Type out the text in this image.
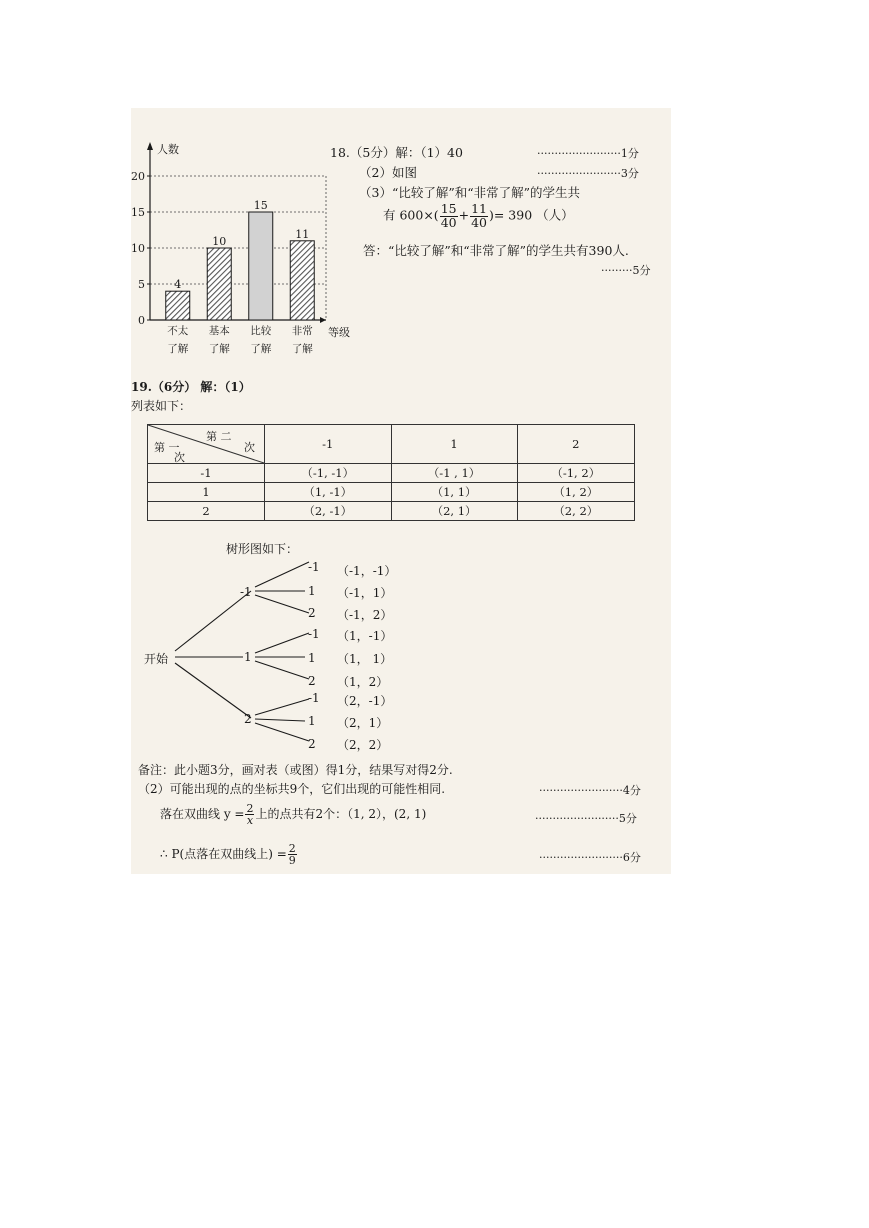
0
5
10
15
20
人数
等级
4
不太
了解
10
基本
了解
15
比较
了解
11
非常
了解
18.（5分）解：（1）40	························1分
（2）如图	························3分
（3）“比较了解”和“非常了解”的学生共
有 $600\times( \frac{15}{40} + \frac{11}{40}$ )= 390 （人）
答：“比较了解”和“非常了解”的学生共有390人.
·········5分
19.（6分） 解：（1）
列表如下：
第 二
次
第 一
次	-1	1	2
-1	（-1, -1）	（-1 , 1）	（-1, 2）
1	（1, -1）	（1, 1）	（1, 2）
2	（2, -1）	（2, 1）	（2, 2）
树形图如下：
开始
-1
1
2
-1
1
2
-1
1
2
-1
1
2
（-1，-1）
（-1，1）
（-1，2）
（1，-1）
（1， 1）
（1，2）
（2，-1）
（2，1）
（2，2）
备注：此小题3分，画对表（或图）得1分，结果写对得2分.
（2）可能出现的点的坐标共9个，它们出现的可能性相同.	························4分
落在双曲线 $y = \frac{2}{x}$ 上的点共有2个：（1, 2），(2, 1)	························5分
∴ P(点落在双曲线上) = $\frac{2}{9}$	························6分
